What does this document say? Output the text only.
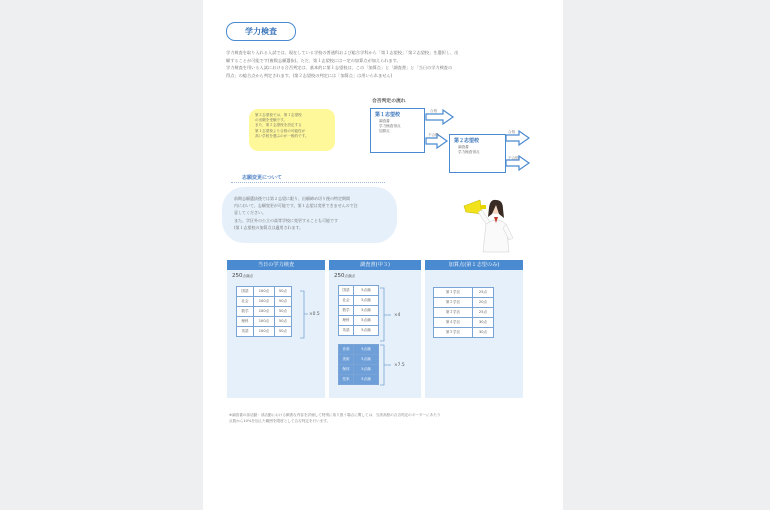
学力検査
学力検査を取り入れる入試では、現在している学校の普通科および総合学科から「第１志望校」「第２志望校」を選択し、出
願することが可能です(複数志願選抜)。ただ、第１志望校にはー定の加算点が加えられます。
学力検査を用いる入試における合否判定は、基本的に第１志望校は、この「加算点」と「調査書」と「当日の学力検査の
得点」の総合点から判定されます。(第２志望校の判定には「加算点」は用いられません)
第２志望校では、第１志望校
の出願を受験です。
また、第２志望校を設定する
第１志望校より合格の可能性が
高い学校を選ぶのが一般的です。
合否判定の流れ
第１志望校
調査書
学力検査得点
加算点
第２志望校
調査書
学力検査得点
合格
不合格
合格
不合格
志願変更について
前期志願選抜後では第２志望に限り、出願締め切り後の特定期間
内において、志願変更が可能です。第１志望は変更できませんので注
意してください。
また、学区外の公立の高等学校に変更することも可能です
(第１志望校の加算点は適用されます。
当日の学力検査
250点満点
国語	100点	50点
社会	100点	50点
数学	100点	50点
理科	100点	50点
英語	100点	50点
×0.5
調査書(中３)
250点満点
国語	5点満
社会	5点満
数学	5点満
理科	5点満
英語	5点満
音楽	5点満
美術	5点満
保体	5点満
技家	5点満
×4
×7.5
加算点(第１志望のみ)
第１学区	25点
第２学区	20点
第３学区	25点
第４学区	30点
第５学区	30点
※調査書の部活動・部活動における顕著な内容を評価して特別に取り扱う場合に関しては、当該高校の合否判定のボーダーにあたり
点数から10%を加えた範囲を限度として合否判定を行います。
